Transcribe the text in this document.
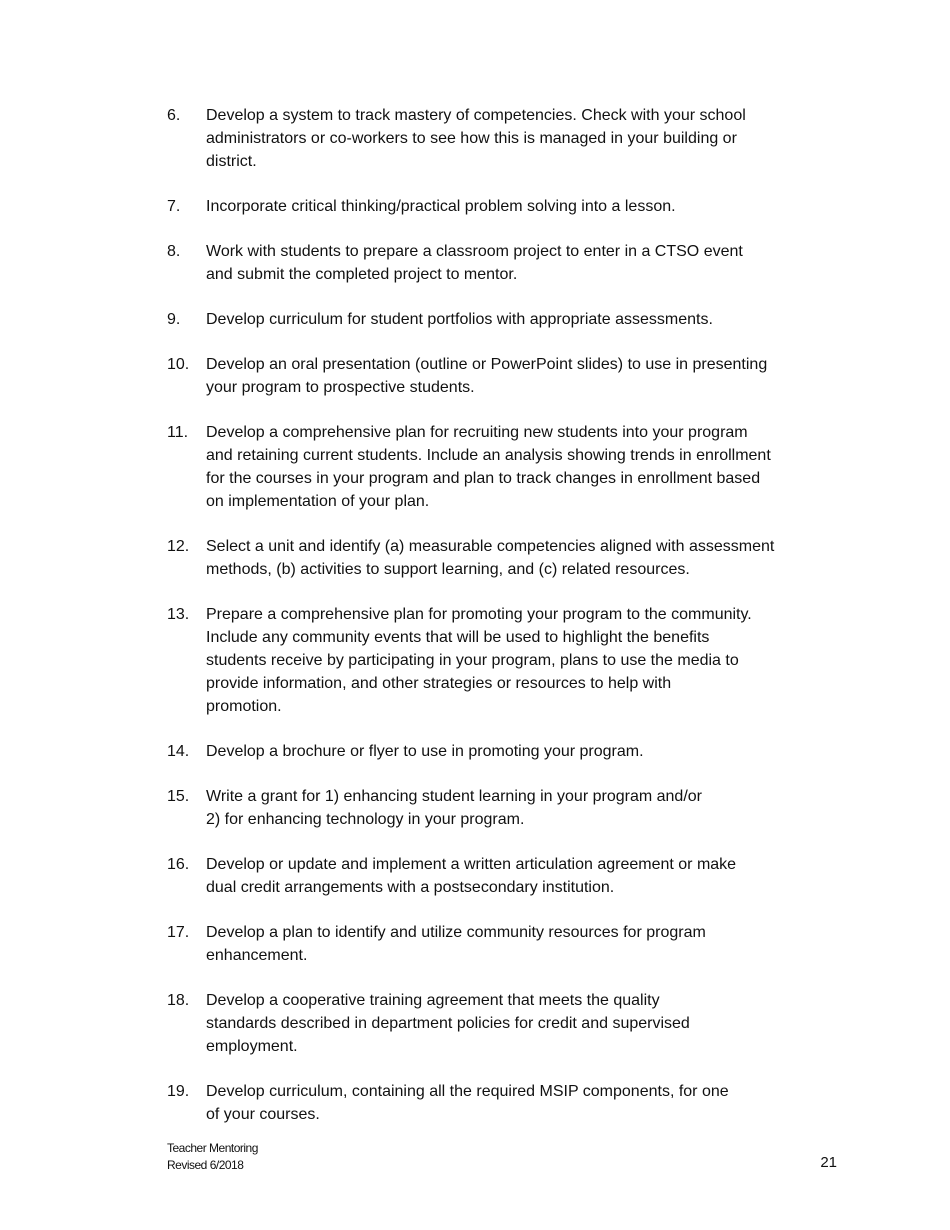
6.	Develop a system to track mastery of competencies. Check with your school
administrators or co-workers to see how this is managed in your building or
district.
7.	Incorporate critical thinking/practical problem solving into a lesson.
8.	Work with students to prepare a classroom project to enter in a CTSO event
and submit the completed project to mentor.
9.	Develop curriculum for student portfolios with appropriate assessments.
10.	Develop an oral presentation (outline or PowerPoint slides) to use in presenting
your program to prospective students.
11.	Develop a comprehensive plan for recruiting new students into your program
and retaining current students. Include an analysis showing trends in enrollment
for the courses in your program and plan to track changes in enrollment based
on implementation of your plan.
12.	Select a unit and identify (a) measurable competencies aligned with assessment
methods, (b) activities to support learning, and (c) related resources.
13.	Prepare a comprehensive plan for promoting your program to the community.
Include any community events that will be used to highlight the benefits
students receive by participating in your program, plans to use the media to
provide information, and other strategies or resources to help with
promotion.
14.	Develop a brochure or flyer to use in promoting your program.
15.	Write a grant for 1) enhancing student learning in your program and/or
2) for enhancing technology in your program.
16.	Develop or update and implement a written articulation agreement or make
dual credit arrangements with a postsecondary institution.
17.	Develop a plan to identify and utilize community resources for program
enhancement.
18.	Develop a cooperative training agreement that meets the quality
standards described in department policies for credit and supervised
employment.
19.	Develop curriculum, containing all the required MSIP components, for one
of your courses.
Teacher Mentoring
Revised 6/2018	21
